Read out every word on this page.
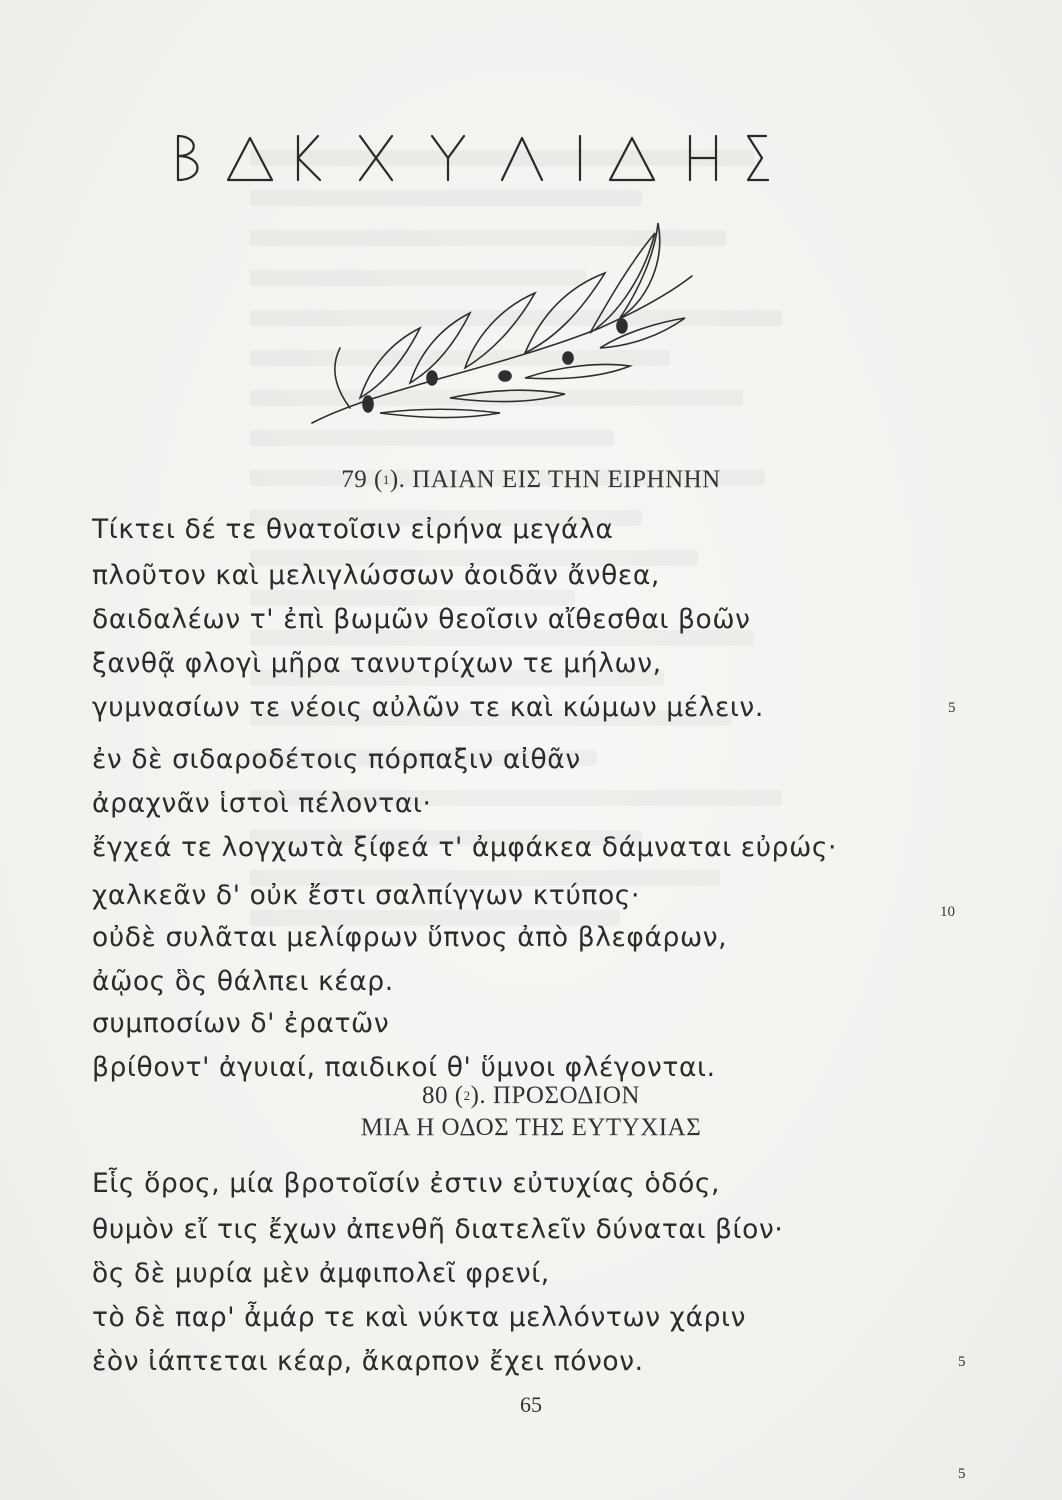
79 ($^1$). ΠΑΙΑΝ ΕΙΣ ΤΗΝ ΕΙΡΗΝΗΝ
Τίκτει δέ τε θνατοῖσιν εἰρήνα μεγάλα
πλοῦτον καὶ μελιγλώσσων ἀοιδᾶν ἄνθεα,
δαιδαλέων τ' ἐπὶ βωμῶν θεοῖσιν αἴθεσθαι βοῶν
ξανθᾷ φλογὶ μῆρα τανυτρίχων τε μήλων,
γυμνασίων τε νέοις αὐλῶν τε καὶ κώμων μέλειν.
ἐν δὲ σιδαροδέτοις πόρπαξιν αἰθᾶν
ἀραχνᾶν ἱστοὶ πέλονται·
ἔγχεά τε λογχωτὰ ξίφεά τ' ἀμφάκεα δάμναται εὐρώς·
χαλκεᾶν δ' οὐκ ἔστι σαλπίγγων κτύπος·
οὐδὲ συλᾶται μελίφρων ὕπνος ἀπὸ βλεφάρων,
ἀῷος ὃς θάλπει κέαρ.
συμποσίων δ' ἐρατῶν
βρίθοντ' ἀγυιαί, παιδικοί θ' ὕμνοι φλέγονται.
5
10
80 ($^2$). ΠΡΟΣΟΔΙΟΝ
ΜΙΑ Η ΟΔΟΣ ΤΗΣ ΕΥΤΥΧΙΑΣ
Εἷς ὅρος, μία βροτοῖσίν ἐστιν εὐτυχίας ὁδός,
θυμὸν εἴ τις ἔχων ἀπενθῆ διατελεῖν δύναται βίον·
ὃς δὲ μυρία μὲν ἀμφιπολεῖ φρενί,
τὸ δὲ παρ' ἆμάρ τε καὶ νύκτα μελλόντων χάριν
ἑὸν ἰάπτεται κέαρ, ἄκαρπον ἔχει πόνον.	5
65
5
